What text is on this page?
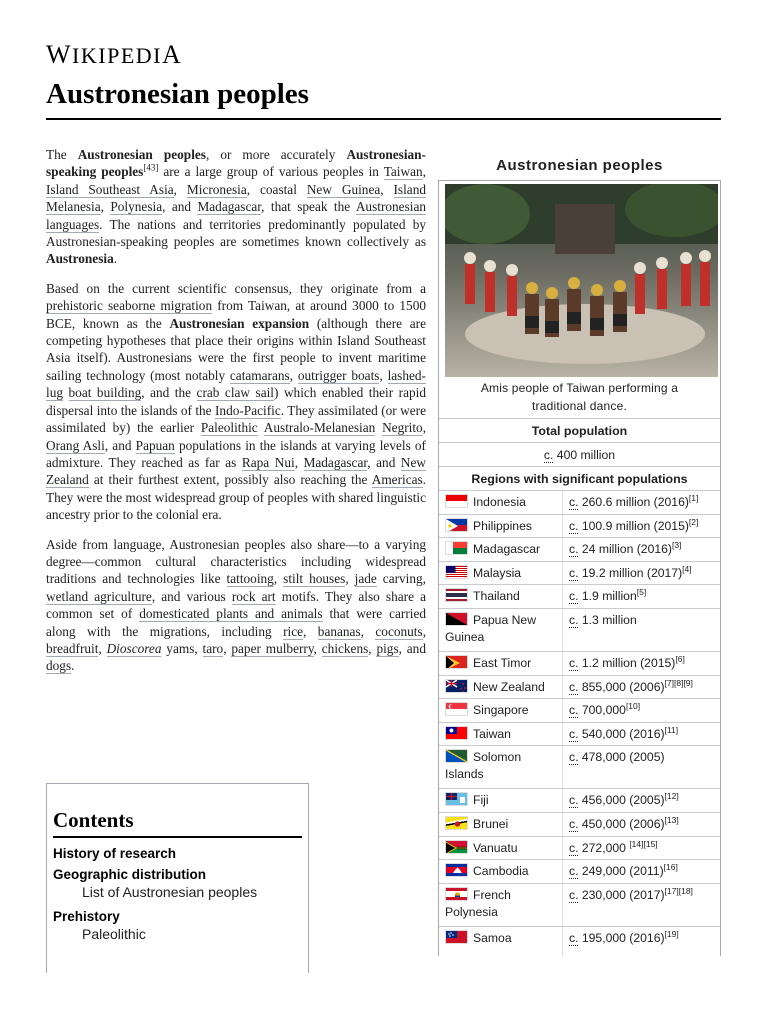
WIKIPEDIA
Austronesian peoples

The Austronesian peoples, or more accurately Austronesian-speaking peoples[43] are a large group of various peoples in Taiwan, Island Southeast Asia, Micronesia, coastal New Guinea, Island Melanesia, Polynesia, and Madagascar, that speak the Austronesian languages. The nations and territories predominantly populated by Austronesian-speaking peoples are sometimes known collectively as Austronesia.

Based on the current scientific consensus, they originate from a prehistoric seaborne migration from Taiwan, at around 3000 to 1500 BCE, known as the Austronesian expansion (although there are competing hypotheses that place their origins within Island Southeast Asia itself). Austronesians were the first people to invent maritime sailing technology (most notably catamarans, outrigger boats, lashed-lug boat building, and the crab claw sail) which enabled their rapid dispersal into the islands of the Indo-Pacific. They assimilated (or were assimilated by) the earlier Paleolithic Australo-Melanesian Negrito, Orang Asli, and Papuan populations in the islands at varying levels of admixture. They reached as far as Rapa Nui, Madagascar, and New Zealand at their furthest extent, possibly also reaching the Americas. They were the most widespread group of peoples with shared linguistic ancestry prior to the colonial era.

Aside from language, Austronesian peoples also share—to a varying degree—common cultural characteristics including widespread traditions and technologies like tattooing, stilt houses, jade carving, wetland agriculture, and various rock art motifs. They also share a common set of domesticated plants and animals that were carried along with the migrations, including rice, bananas, coconuts, breadfruit, Dioscorea yams, taro, paper mulberry, chickens, pigs, and dogs.

Contents
History of research
Geographic distribution
List of Austronesian peoples
Prehistory
Paleolithic
Austronesian peoples
Amis people of Taiwan performing a traditional dance.
Total population
c. 400 million
Regions with significant populations
Indonesia	c. 260.6 million (2016)[1]
Philippines	c. 100.9 million (2015)[2]
Madagascar	c. 24 million (2016)[3]
Malaysia	c. 19.2 million (2017)[4]
Thailand	c. 1.9 million[5]
Papua New Guinea
c. 1.3 million
East Timor	c. 1.2 million (2015)[6]
New Zealand	c. 855,000 (2006)[7][8][9]
Singapore	c. 700,000[10]
Taiwan	c. 540,000 (2016)[11]
Solomon Islands
c. 478,000 (2005)
Fiji	c. 456,000 (2005)[12]
Brunei	c. 450,000 (2006)[13]
Vanuatu	c. 272,000 [14][15]
Cambodia	c. 249,000 (2011)[16]
French Polynesia
c. 230,000 (2017)[17][18]
Samoa	c. 195,000 (2016)[19]
